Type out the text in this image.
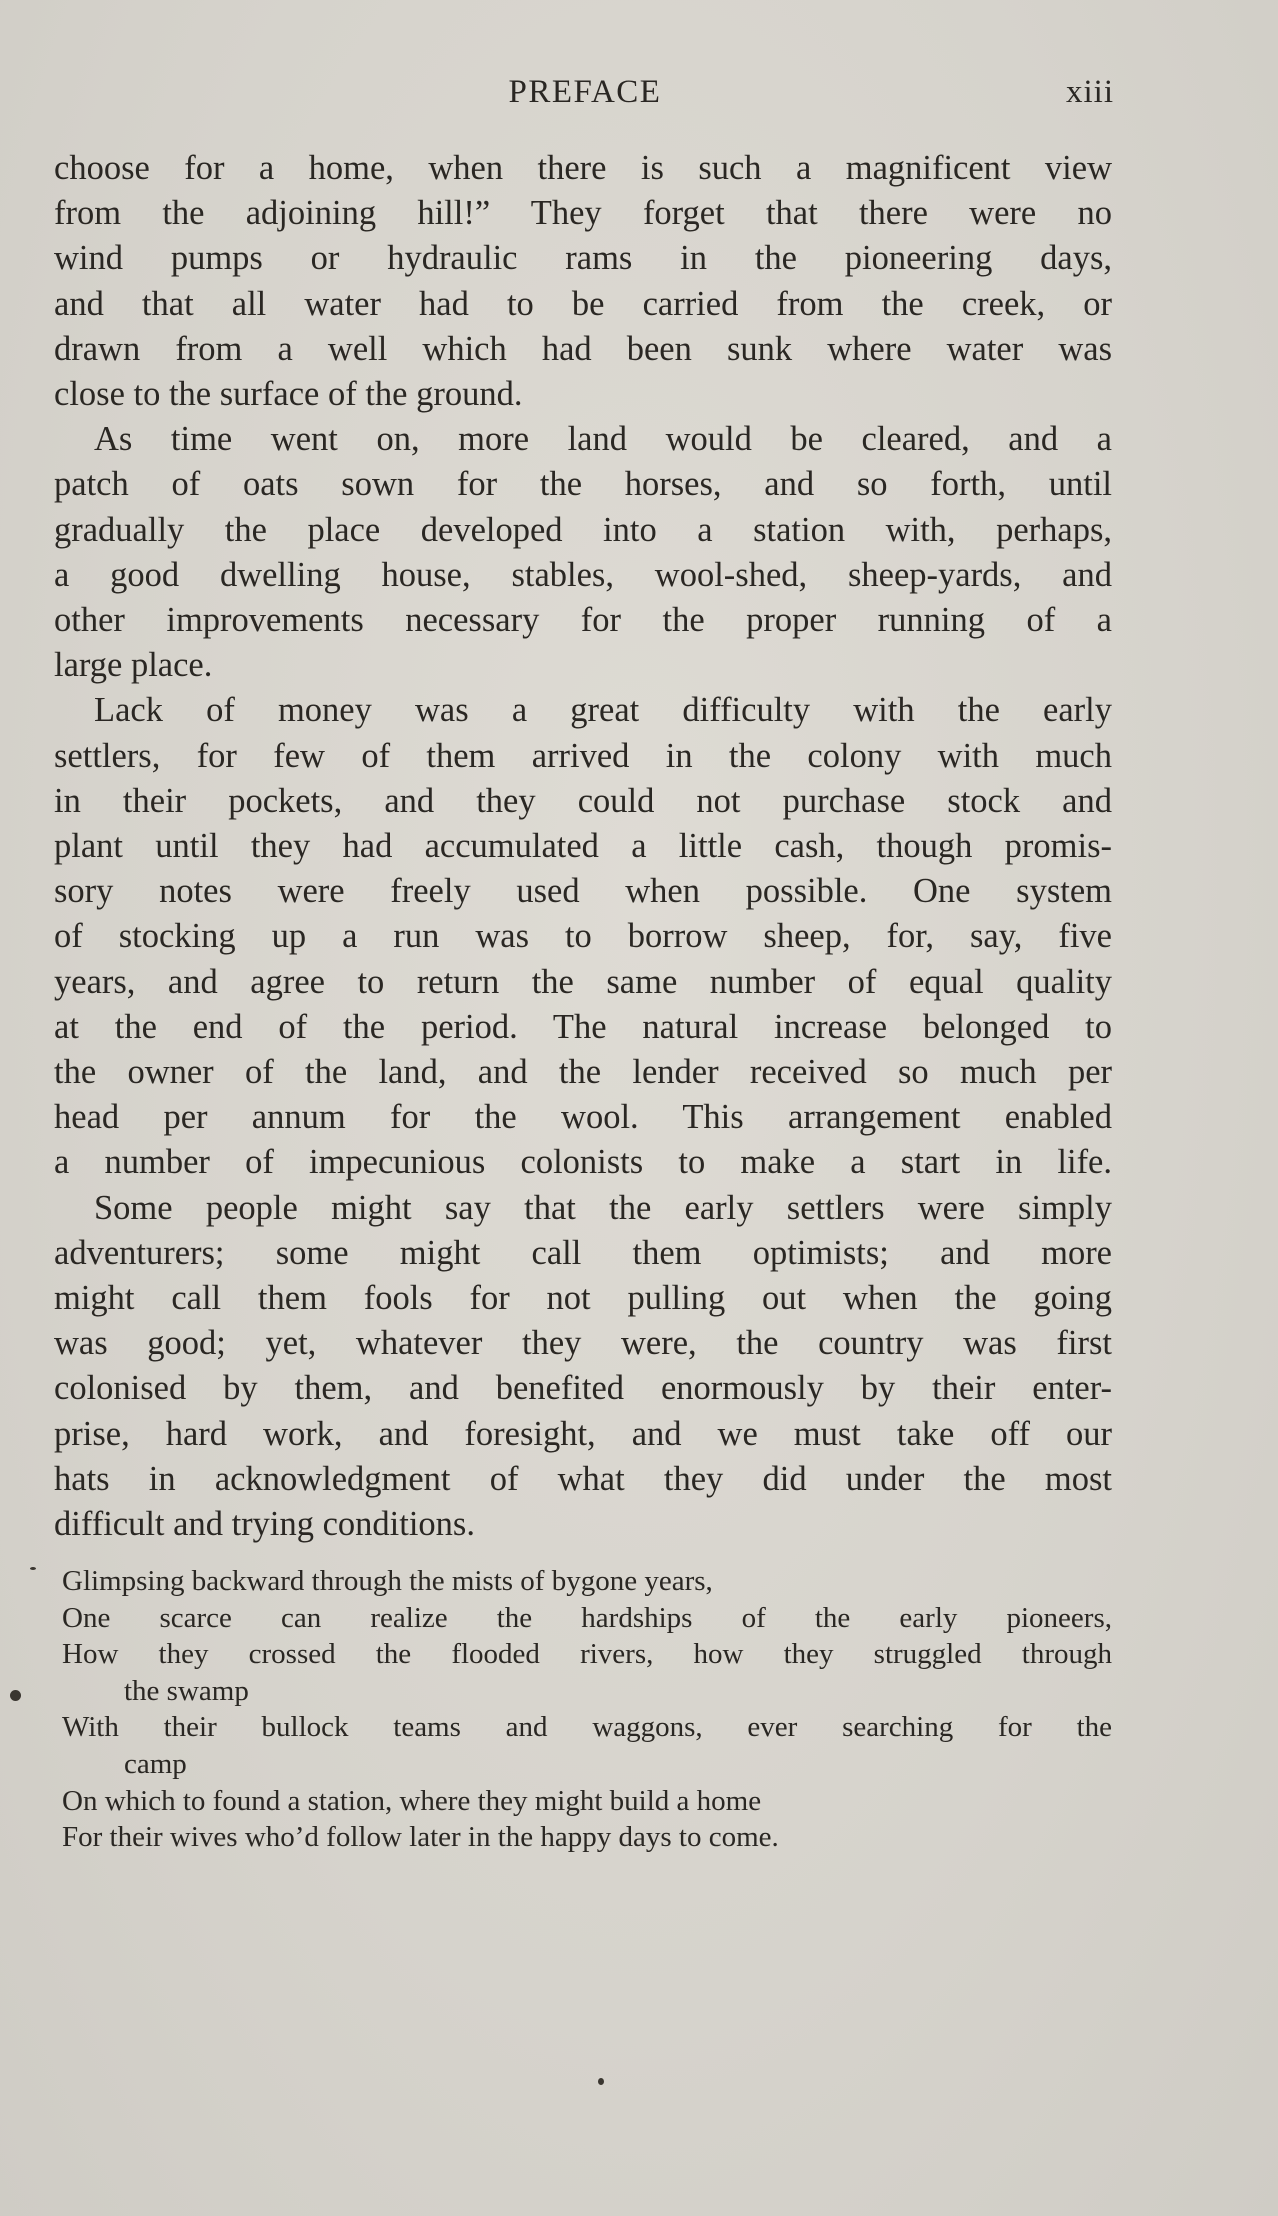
PREFACE	xiii

choose for a home, when there is such a magnificent view
from the adjoining hill!” They forget that there were no
wind pumps or hydraulic rams in the pioneering days,
and that all water had to be carried from the creek, or
drawn from a well which had been sunk where water was
close to the surface of the ground.

As time went on, more land would be cleared, and a
patch of oats sown for the horses, and so forth, until
gradually the place developed into a station with, perhaps,
a good dwelling house, stables, wool-shed, sheep-yards, and
other improvements necessary for the proper running of a
large place.

Lack of money was a great difficulty with the early
settlers, for few of them arrived in the colony with much
in their pockets, and they could not purchase stock and
plant until they had accumulated a little cash, though promis-
sory notes were freely used when possible. One system
of stocking up a run was to borrow sheep, for, say, five
years, and agree to return the same number of equal quality
at the end of the period. The natural increase belonged to
the owner of the land, and the lender received so much per
head per annum for the wool. This arrangement enabled
a number of impecunious colonists to make a start in life.

Some people might say that the early settlers were simply
adventurers; some might call them optimists; and more
might call them fools for not pulling out when the going
was good; yet, whatever they were, the country was first
colonised by them, and benefited enormously by their enter-
prise, hard work, and foresight, and we must take off our
hats in acknowledgment of what they did under the most
difficult and trying conditions.

Glimpsing backward through the mists of bygone years,
One scarce can realize the hardships of the early pioneers,
How they crossed the flooded rivers, how they struggled through
the swamp
With their bullock teams and waggons, ever searching for the
camp
On which to found a station, where they might build a home
For their wives who’d follow later in the happy days to come.
